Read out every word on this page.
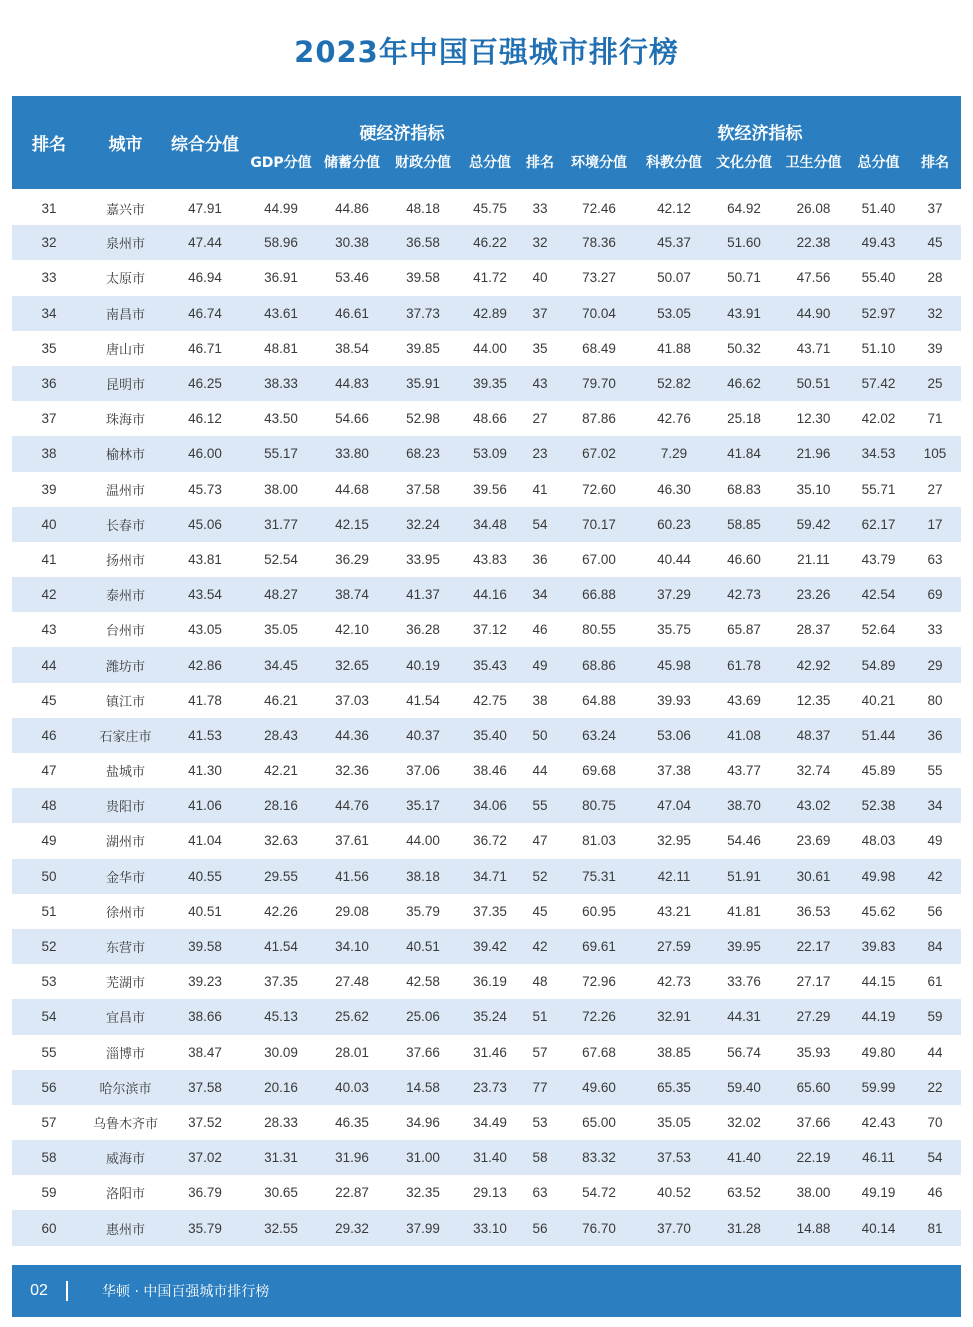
2023年中国百强城市排行榜
排名	城市	综合分值	硬经济指标					软经济指标					
			GDP分值	储蓄分值	财政分值	总分值	排名	环境分值	科教分值	文化分值	卫生分值	总分值	排名
31	嘉兴市	47.91	44.99	44.86	48.18	45.75	33	72.46	42.12	64.92	26.08	51.40	37
32	泉州市	47.44	58.96	30.38	36.58	46.22	32	78.36	45.37	51.60	22.38	49.43	45
33	太原市	46.94	36.91	53.46	39.58	41.72	40	73.27	50.07	50.71	47.56	55.40	28
34	南昌市	46.74	43.61	46.61	37.73	42.89	37	70.04	53.05	43.91	44.90	52.97	32
35	唐山市	46.71	48.81	38.54	39.85	44.00	35	68.49	41.88	50.32	43.71	51.10	39
36	昆明市	46.25	38.33	44.83	35.91	39.35	43	79.70	52.82	46.62	50.51	57.42	25
37	珠海市	46.12	43.50	54.66	52.98	48.66	27	87.86	42.76	25.18	12.30	42.02	71
38	榆林市	46.00	55.17	33.80	68.23	53.09	23	67.02	7.29	41.84	21.96	34.53	105
39	温州市	45.73	38.00	44.68	37.58	39.56	41	72.60	46.30	68.83	35.10	55.71	27
40	长春市	45.06	31.77	42.15	32.24	34.48	54	70.17	60.23	58.85	59.42	62.17	17
41	扬州市	43.81	52.54	36.29	33.95	43.83	36	67.00	40.44	46.60	21.11	43.79	63
42	泰州市	43.54	48.27	38.74	41.37	44.16	34	66.88	37.29	42.73	23.26	42.54	69
43	台州市	43.05	35.05	42.10	36.28	37.12	46	80.55	35.75	65.87	28.37	52.64	33
44	潍坊市	42.86	34.45	32.65	40.19	35.43	49	68.86	45.98	61.78	42.92	54.89	29
45	镇江市	41.78	46.21	37.03	41.54	42.75	38	64.88	39.93	43.69	12.35	40.21	80
46	石家庄市	41.53	28.43	44.36	40.37	35.40	50	63.24	53.06	41.08	48.37	51.44	36
47	盐城市	41.30	42.21	32.36	37.06	38.46	44	69.68	37.38	43.77	32.74	45.89	55
48	贵阳市	41.06	28.16	44.76	35.17	34.06	55	80.75	47.04	38.70	43.02	52.38	34
49	湖州市	41.04	32.63	37.61	44.00	36.72	47	81.03	32.95	54.46	23.69	48.03	49
50	金华市	40.55	29.55	41.56	38.18	34.71	52	75.31	42.11	51.91	30.61	49.98	42
51	徐州市	40.51	42.26	29.08	35.79	37.35	45	60.95	43.21	41.81	36.53	45.62	56
52	东营市	39.58	41.54	34.10	40.51	39.42	42	69.61	27.59	39.95	22.17	39.83	84
53	芜湖市	39.23	37.35	27.48	42.58	36.19	48	72.96	42.73	33.76	27.17	44.15	61
54	宜昌市	38.66	45.13	25.62	25.06	35.24	51	72.26	32.91	44.31	27.29	44.19	59
55	淄博市	38.47	30.09	28.01	37.66	31.46	57	67.68	38.85	56.74	35.93	49.80	44
56	哈尔滨市	37.58	20.16	40.03	14.58	23.73	77	49.60	65.35	59.40	65.60	59.99	22
57	乌鲁木齐市	37.52	28.33	46.35	34.96	34.49	53	65.00	35.05	32.02	37.66	42.43	70
58	威海市	37.02	31.31	31.96	31.00	31.40	58	83.32	37.53	41.40	22.19	46.11	54
59	洛阳市	36.79	30.65	22.87	32.35	29.13	63	54.72	40.52	63.52	38.00	49.19	46
60	惠州市	35.79	32.55	29.32	37.99	33.10	56	76.70	37.70	31.28	14.88	40.14	81
02	华顿 · 中国百强城市排行榜
